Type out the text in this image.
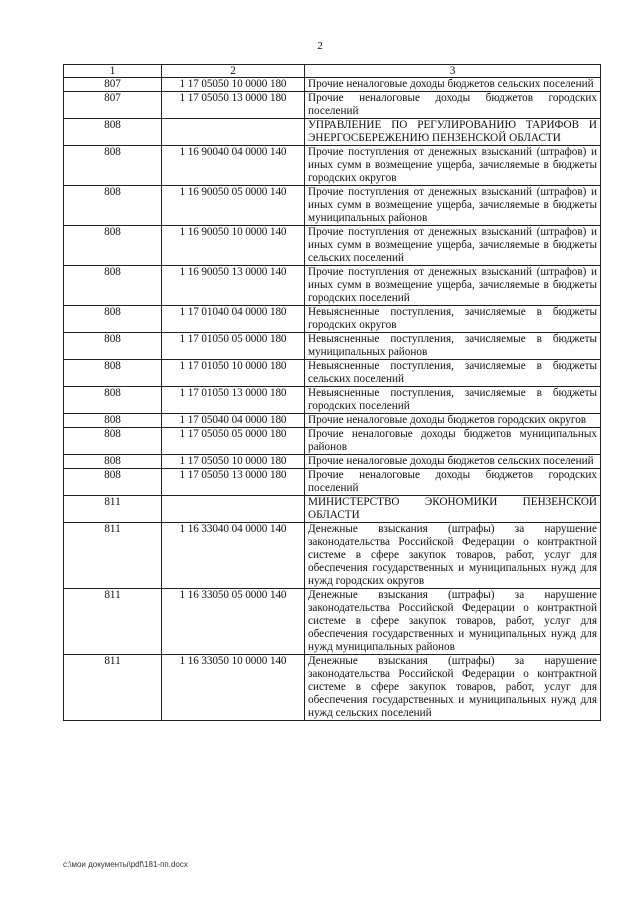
2
1	2	3
807	1 17 05050 10 0000 180	Прочие неналоговые доходы бюджетов сельских поселений
807	1 17 05050 13 0000 180	Прочие неналоговые доходы бюджетов городских поселений
808		УПРАВЛЕНИЕ ПО РЕГУЛИРОВАНИЮ ТАРИФОВ И ЭНЕРГОСБЕРЕЖЕНИЮ ПЕНЗЕНСКОЙ ОБЛАСТИ
808	1 16 90040 04 0000 140	Прочие поступления от денежных взысканий (штрафов) и иных сумм в возмещение ущерба, зачисляемые в бюджеты городских округов
808	1 16 90050 05 0000 140	Прочие поступления от денежных взысканий (штрафов) и иных сумм в возмещение ущерба, зачисляемые в бюджеты муниципальных районов
808	1 16 90050 10 0000 140	Прочие поступления от денежных взысканий (штрафов) и иных сумм в возмещение ущерба, зачисляемые в бюджеты сельских поселений
808	1 16 90050 13 0000 140	Прочие поступления от денежных взысканий (штрафов) и иных сумм в возмещение ущерба, зачисляемые в бюджеты городских поселений
808	1 17 01040 04 0000 180	Невыясненные поступления, зачисляемые в бюджеты городских округов
808	1 17 01050 05 0000 180	Невыясненные поступления, зачисляемые в бюджеты муниципальных районов
808	1 17 01050 10 0000 180	Невыясненные поступления, зачисляемые в бюджеты сельских поселений
808	1 17 01050 13 0000 180	Невыясненные поступления, зачисляемые в бюджеты городских поселений
808	1 17 05040 04 0000 180	Прочие неналоговые доходы бюджетов городских округов
808	1 17 05050 05 0000 180	Прочие неналоговые доходы бюджетов муниципальных районов
808	1 17 05050 10 0000 180	Прочие неналоговые доходы бюджетов сельских поселений
808	1 17 05050 13 0000 180	Прочие неналоговые доходы бюджетов городских поселений
811		МИНИСТЕРСТВО ЭКОНОМИКИ ПЕНЗЕНСКОЙ ОБЛАСТИ
811	1 16 33040 04 0000 140	Денежные взыскания (штрафы) за нарушение законодательства Российской Федерации о контрактной системе в сфере закупок товаров, работ, услуг для обеспечения государственных и муниципальных нужд для нужд городских округов
811	1 16 33050 05 0000 140	Денежные взыскания (штрафы) за нарушение законодательства Российской Федерации о контрактной системе в сфере закупок товаров, работ, услуг для обеспечения государственных и муниципальных нужд для нужд муниципальных районов
811	1 16 33050 10 0000 140	Денежные взыскания (штрафы) за нарушение законодательства Российской Федерации о контрактной системе в сфере закупок товаров, работ, услуг для обеспечения государственных и муниципальных нужд для нужд сельских поселений
c:\мои документы\pdf\181-пп.docx
